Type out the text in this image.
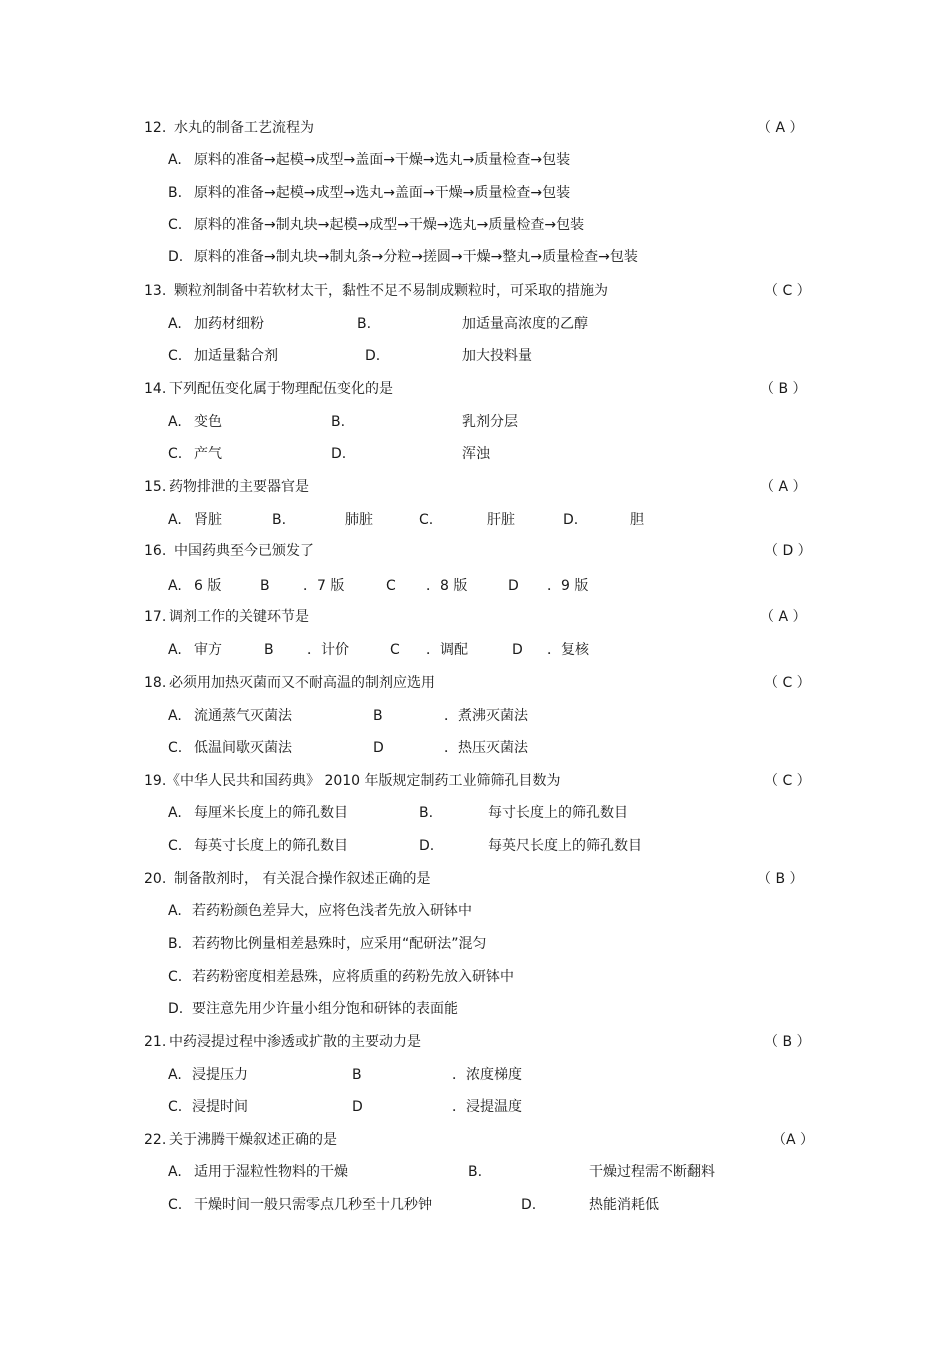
12. 水丸的制备工艺流程为	（ A ）
A. 原料的准备→起模→成型→盖面→干燥→选丸→质量检查→包装
B. 原料的准备→起模→成型→选丸→盖面→干燥→质量检查→包装
C. 原料的准备→制丸块→起模→成型→干燥→选丸→质量检查→包装
D. 原料的准备→制丸块→制丸条→分粒→搓圆→干燥→整丸→质量检查→包装
13. 颗粒剂制备中若软材太干，黏性不足不易制成颗粒时，可采取的措施为	（ C ）
A. 加药材细粉	B.	加适量高浓度的乙醇
C. 加适量黏合剂	D.	加大投料量
14. 下列配伍变化属于物理配伍变化的是	（ B ）
A. 变色	B.	乳剂分层
C. 产气	D.	浑浊
15. 药物排泄的主要器官是	（ A ）
A. 肾脏	B.	肺脏	C.	肝脏	D.	胆
16. 中国药典至今已颁发了	（ D ）
A. 6 版	B ．7 版	C ．8 版	D ．9 版
17. 调剂工作的关键环节是	（ A ）
A. 审方	B ．计价	C ．调配	D ．复核
18. 必须用加热灭菌而又不耐高温的制剂应选用	（ C ）
A. 流通蒸气灭菌法	B	．煮沸灭菌法
C. 低温间歇灭菌法	D	．热压灭菌法
19. 《中华人民共和国药典》 2010 年版规定制药工业筛筛孔目数为	（ C ）
A. 每厘米长度上的筛孔数目	B.	每寸长度上的筛孔数目
C. 每英寸长度上的筛孔数目	D.	每英尺长度上的筛孔数目
20. 制备散剂时， 有关混合操作叙述正确的是	（ B ）
A. 若药粉颜色差异大，应将色浅者先放入研钵中
B. 若药物比例量相差悬殊时，应采用“配研法”混匀
C. 若药粉密度相差悬殊，应将质重的药粉先放入研钵中
D. 要注意先用少许量小组分饱和研钵的表面能
21. 中药浸提过程中渗透或扩散的主要动力是	（ B ）
A. 浸提压力	B	．浓度梯度
C. 浸提时间	D	．浸提温度
22. 关于沸腾干燥叙述正确的是	（A ）
A. 适用于湿粒性物料的干燥	B.	干燥过程需不断翻料
C. 干燥时间一般只需零点几秒至十几秒钟	D.	热能消耗低
